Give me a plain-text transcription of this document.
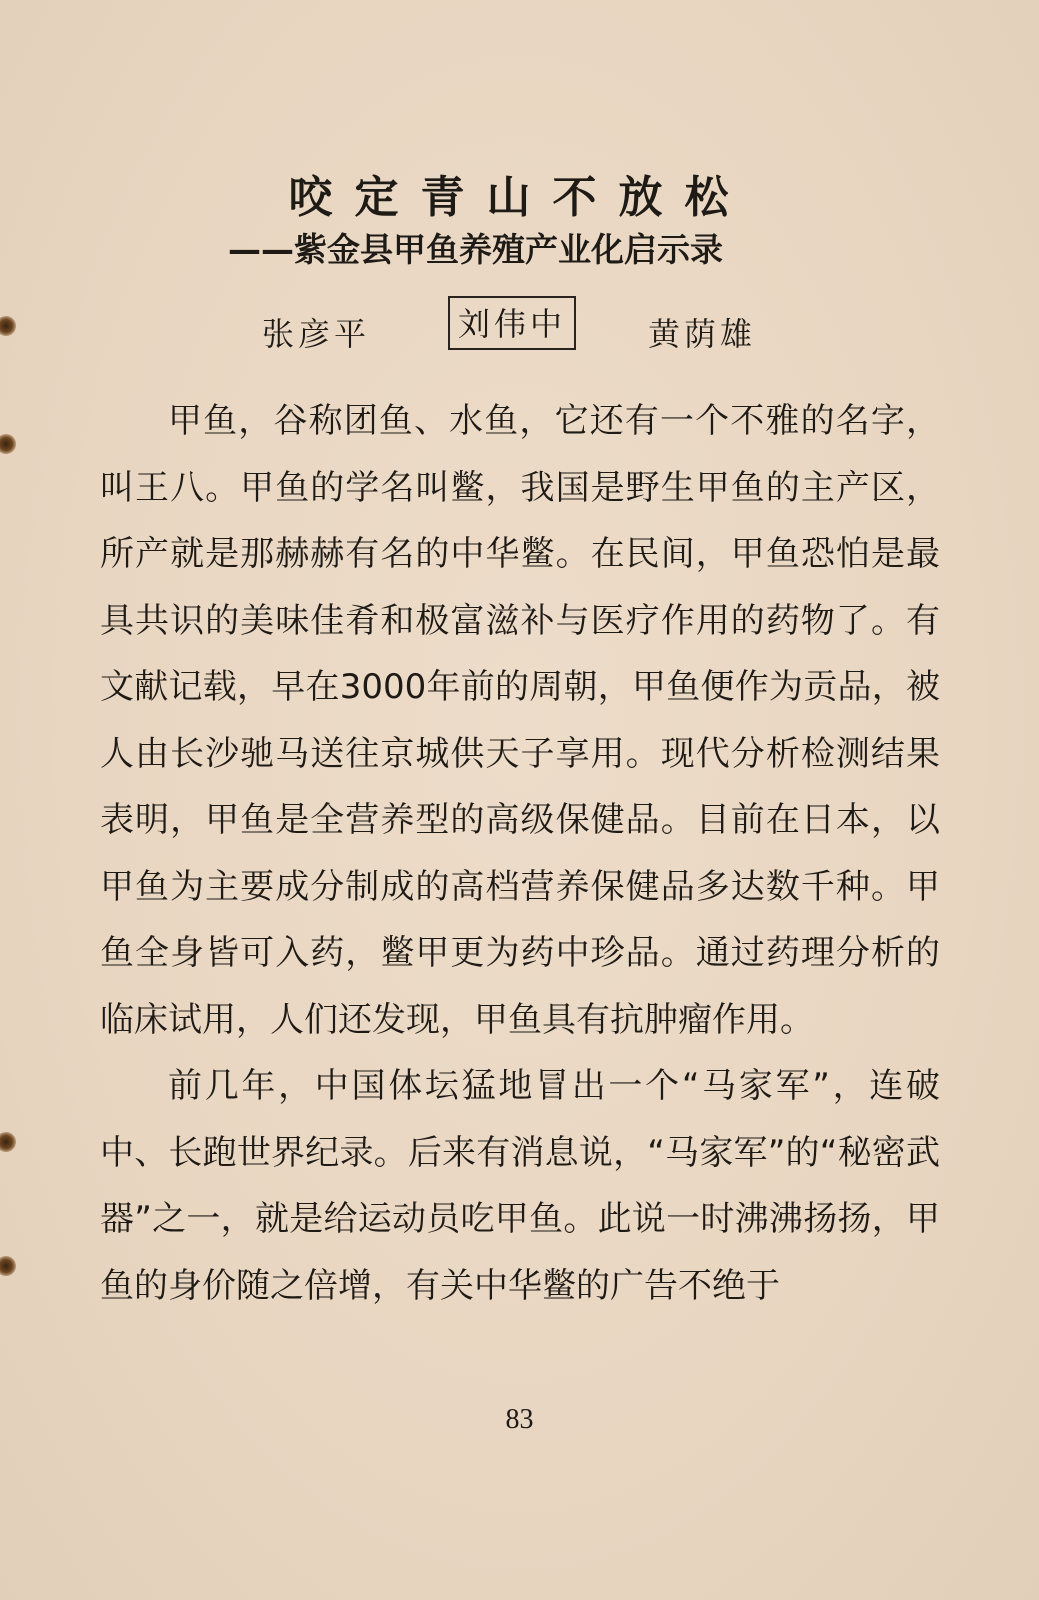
咬定青山不放松
——紫金县甲鱼养殖产业化启示录
张彦平	刘伟中	黄荫雄

甲鱼，谷称团鱼、水鱼，它还有一个不雅的名字，叫王八。甲鱼的学名叫鳖，我国是野生甲鱼的主产区，所产就是那赫赫有名的中华鳖。在民间，甲鱼恐怕是最具共识的美味佳肴和极富滋补与医疗作用的药物了。有文献记载，早在3000年前的周朝，甲鱼便作为贡品，被人由长沙驰马送往京城供天子享用。现代分析检测结果表明，甲鱼是全营养型的高级保健品。目前在日本，以甲鱼为主要成分制成的高档营养保健品多达数千种。甲鱼全身皆可入药，鳖甲更为药中珍品。通过药理分析的临床试用，人们还发现，甲鱼具有抗肿瘤作用。

前几年，中国体坛猛地冒出一个“马家军”，连破中、长跑世界纪录。后来有消息说，“马家军”的“秘密武器”之一，就是给运动员吃甲鱼。此说一时沸沸扬扬，甲鱼的身价随之倍增，有关中华鳖的广告不绝于

83
